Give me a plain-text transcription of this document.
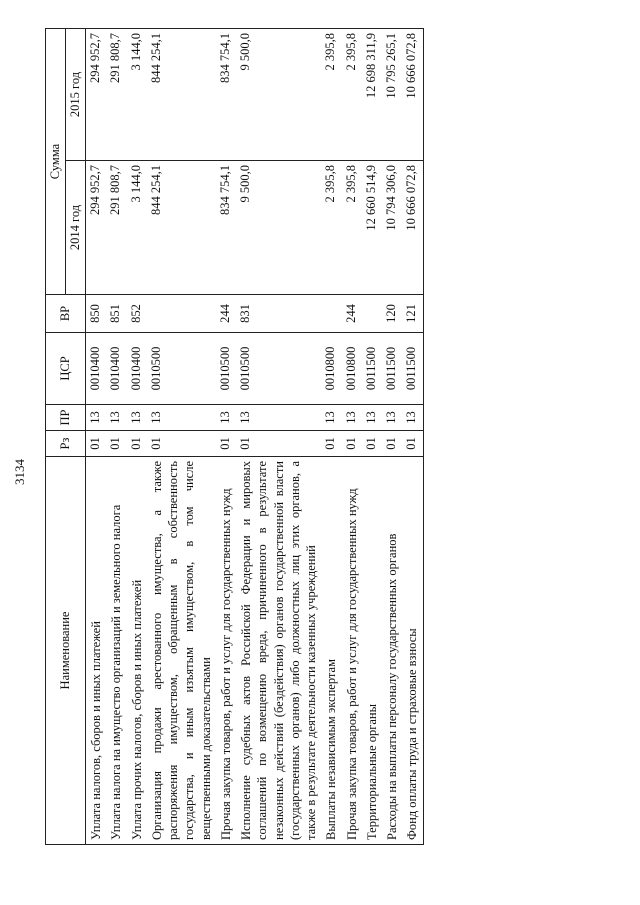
3134
Наименование	Рз	ПР	ЦСР	ВР	Сумма	
					2014 год	2015 год
Уплата налогов, сборов и иных платежей	01	13	0010400	850	294 952,7	294 952,7
Уплата налога на имущество организаций и земельного налога	01	13	0010400	851	291 808,7	291 808,7
Уплата прочих налогов, сборов и иных платежей	01	13	0010400	852	3 144,0	3 144,0
Организация продажи арестованного имущества, а также распоряжения имуществом, обращенным в собственность государства, и иным изъятым имуществом, в том числе вещественными доказательствами	01	13	0010500		844 254,1	844 254,1
Прочая закупка товаров, работ и услуг для государственных нужд	01	13	0010500	244	834 754,1	834 754,1
Исполнение судебных актов Российской Федерации и мировых соглашений по возмещению вреда, причиненного в результате незаконных действий (бездействия) органов государственной власти (государственных органов) либо должностных лиц этих органов, а также в результате деятельности казенных учреждений	01	13	0010500	831	9 500,0	9 500,0
Выплаты независимым экспертам	01	13	0010800		2 395,8	2 395,8
Прочая закупка товаров, работ и услуг для государственных нужд	01	13	0010800	244	2 395,8	2 395,8
Территориальные органы	01	13	0011500		12 660 514,9	12 698 311,9
Расходы на выплаты персоналу государственных органов	01	13	0011500	120	10 794 306,0	10 795 265,1
Фонд оплаты труда и страховые взносы	01	13	0011500	121	10 666 072,8	10 666 072,8
